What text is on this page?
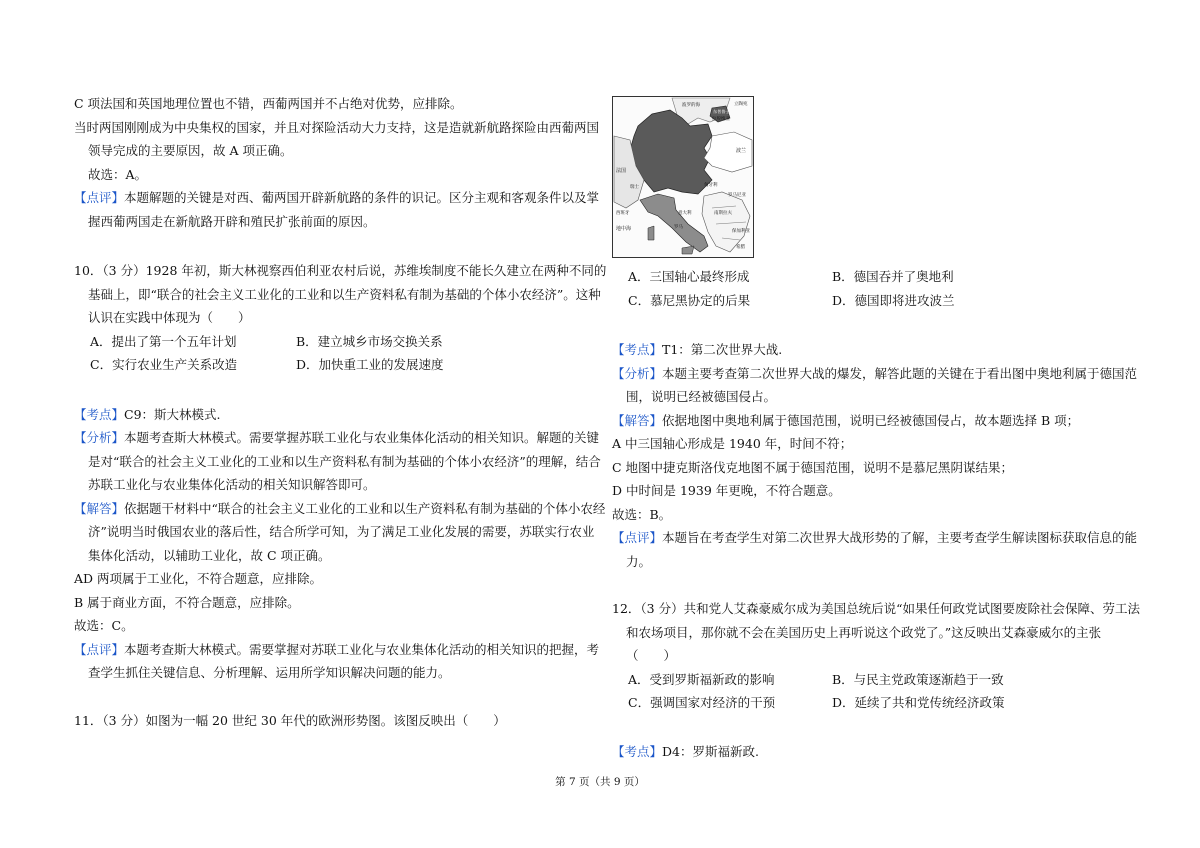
C 项法国和英国地理位置也不错，西葡两国并不占绝对优势，应排除。
当时两国刚刚成为中央集权的国家，并且对探险活动大力支持，这是造就新航路探险由西葡两国
领导完成的主要原因，故 A 项正确。
故选：A。
【点评】本题解题的关键是对西、葡两国开辟新航路的条件的识记。区分主观和客观条件以及掌
握西葡两国走在新航路开辟和殖民扩张前面的原因。
10．（3 分）1928 年初，斯大林视察西伯利亚农村后说，苏维埃制度不能长久建立在两种不同的
基础上，即“联合的社会主义工业化的工业和以生产资料私有制为基础的个体小农经济”。这种
认识在实践中体现为（　　）
A．提出了第一个五年计划	B．建立城乡市场交换关系
C．实行农业生产关系改造	D．加快重工业的发展速度
【考点】C9：斯大林模式.
【分析】本题考查斯大林模式。需要掌握苏联工业化与农业集体化活动的相关知识。解题的关键
是对“联合的社会主义工业化的工业和以生产资料私有制为基础的个体小农经济”的理解，结合
苏联工业化与农业集体化活动的相关知识解答即可。
【解答】依据题干材料中“联合的社会主义工业化的工业和以生产资料私有制为基础的个体小农经
济”说明当时俄国农业的落后性，结合所学可知，为了满足工业化发展的需要，苏联实行农业
集体化活动，以辅助工业化，故 C 项正确。
AD 两项属于工业化，不符合题意，应排除。
B 属于商业方面，不符合题意，应排除。
故选：C。
【点评】本题考查斯大林模式。需要掌握对苏联工业化与农业集体化活动的相关知识的把握，考
查学生抓住关键信息、分析理解、运用所学知识解决问题的能力。
11．（3 分）如图为一幅 20 世纪 30 年代的欧洲形势图。该图反映出（　　）
波罗的海	立陶宛
拉脱维亚
东普鲁士
波兰
法国
瑞士	匈牙利
罗马尼亚
南斯拉夫
地中海	罗马
西班牙	意大利
保加利亚
希腊
A．三国轴心最终形成	B．德国吞并了奥地利
C．慕尼黑协定的后果	D．德国即将进攻波兰
【考点】T1：第二次世界大战.
【分析】本题主要考查第二次世界大战的爆发，解答此题的关键在于看出图中奥地利属于德国范
围，说明已经被德国侵占。
【解答】依据地图中奥地利属于德国范围，说明已经被德国侵占，故本题选择 B 项；
A 中三国轴心形成是 1940 年，时间不符；
C 地图中捷克斯洛伐克地图不属于德国范围，说明不是慕尼黑阴谋结果；
D 中时间是 1939 年更晚，不符合题意。
故选：B。
【点评】本题旨在考查学生对第二次世界大战形势的了解，主要考查学生解读图标获取信息的能
力。
12．（3 分）共和党人艾森豪威尔成为美国总统后说“如果任何政党试图要废除社会保障、劳工法
和农场项目，那你就不会在美国历史上再听说这个政党了。”这反映出艾森豪威尔的主张
（　　）
A．受到罗斯福新政的影响	B．与民主党政策逐渐趋于一致
C．强调国家对经济的干预	D．延续了共和党传统经济政策
【考点】D4：罗斯福新政.
第 7 页（共 9 页）
